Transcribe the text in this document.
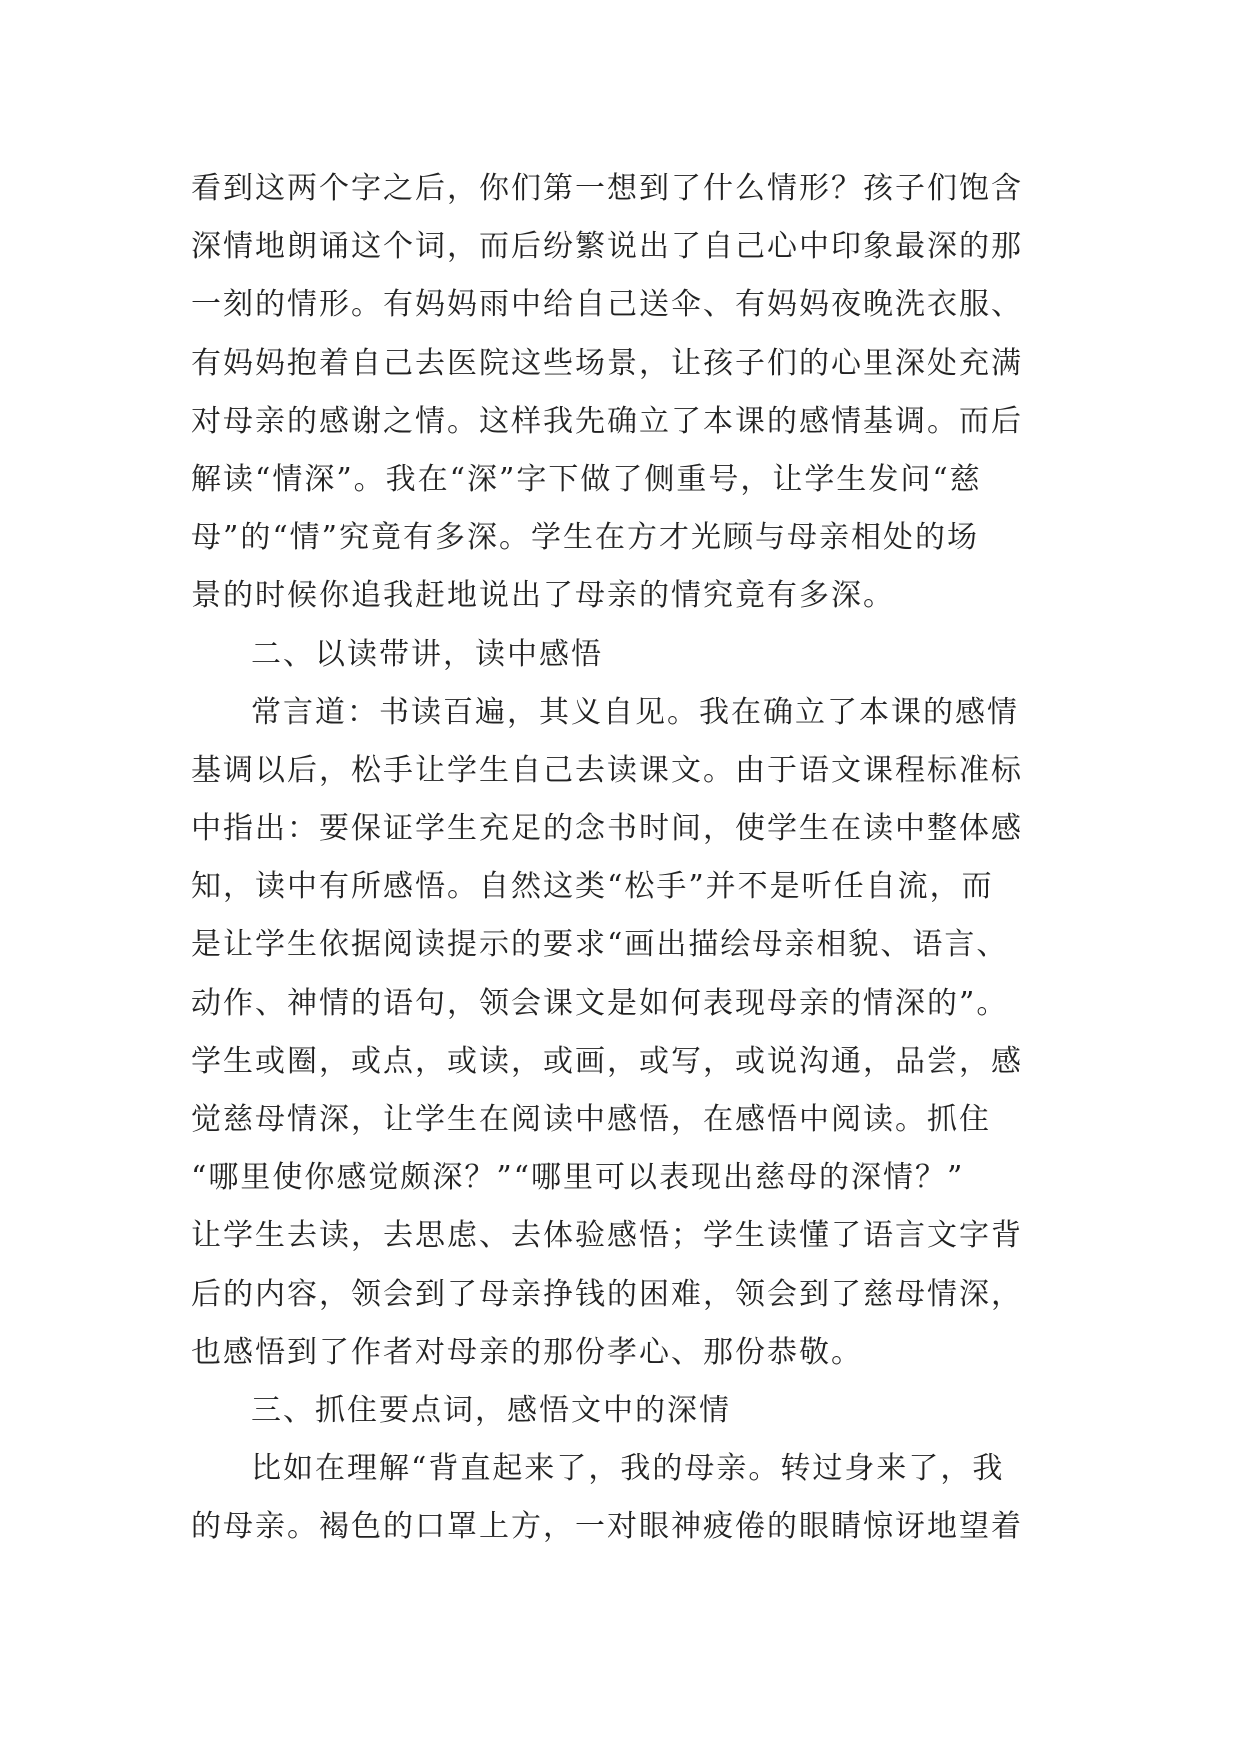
看到这两个字之后，你们第一想到了什么情形？孩子们饱含
深情地朗诵这个词，而后纷繁说出了自己心中印象最深的那
一刻的情形。有妈妈雨中给自己送伞、有妈妈夜晚洗衣服、
有妈妈抱着自己去医院这些场景，让孩子们的心里深处充满
对母亲的感谢之情。这样我先确立了本课的感情基调。而后
解读“情深”。我在“深”字下做了侧重号，让学生发问“慈
母”的“情”究竟有多深。学生在方才光顾与母亲相处的场
景的时候你追我赶地说出了母亲的情究竟有多深。
二、以读带讲，读中感悟
常言道：书读百遍，其义自见。我在确立了本课的感情
基调以后，松手让学生自己去读课文。由于语文课程标准标
中指出：要保证学生充足的念书时间，使学生在读中整体感
知，读中有所感悟。自然这类“松手”并不是听任自流，而
是让学生依据阅读提示的要求“画出描绘母亲相貌、语言、
动作、神情的语句，领会课文是如何表现母亲的情深的”。
学生或圈，或点，或读，或画，或写，或说沟通，品尝，感
觉慈母情深，让学生在阅读中感悟，在感悟中阅读。抓住
“哪里使你感觉颇深？”“哪里可以表现出慈母的深情？”
让学生去读，去思虑、去体验感悟；学生读懂了语言文字背
后的内容，领会到了母亲挣钱的困难，领会到了慈母情深，
也感悟到了作者对母亲的那份孝心、那份恭敬。
三、抓住要点词，感悟文中的深情
比如在理解“背直起来了，我的母亲。转过身来了，我
的母亲。褐色的口罩上方，一对眼神疲倦的眼睛惊讶地望着
